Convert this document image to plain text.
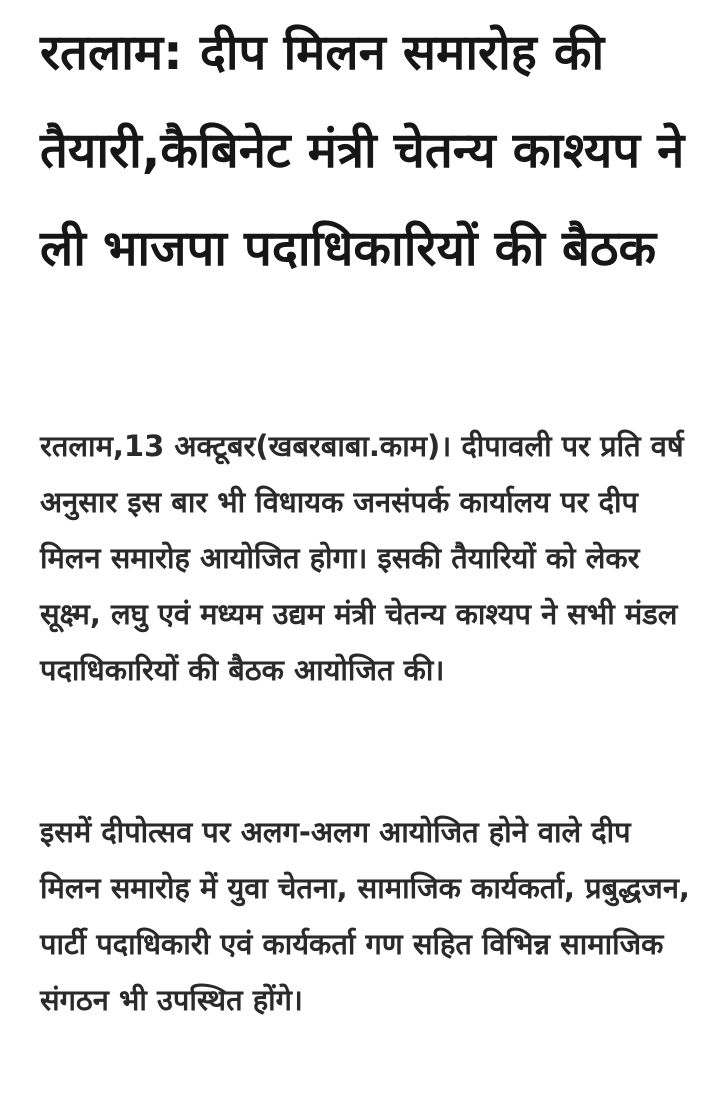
रतलाम: दीप मिलन समारोह की तैयारी,कैबिनेट मंत्री चेतन्य काश्यप ने ली भाजपा पदाधिकारियों की बैठक

रतलाम,13 अक्टूबर(खबरबाबा.काम)। दीपावली पर प्रति वर्ष अनुसार इस बार भी विधायक जनसंपर्क कार्यालय पर दीप मिलन समारोह आयोजित होगा। इसकी तैयारियों को लेकर सूक्ष्म, लघु एवं मध्यम उद्यम मंत्री चेतन्य काश्यप ने सभी मंडल पदाधिकारियों की बैठक आयोजित की।

इसमें दीपोत्सव पर अलग-अलग आयोजित होने वाले दीप मिलन समारोह में युवा चेतना, सामाजिक कार्यकर्ता, प्रबुद्धजन, पार्टी पदाधिकारी एवं कार्यकर्ता गण सहित विभिन्न सामाजिक संगठन भी उपस्थित होंगे।
